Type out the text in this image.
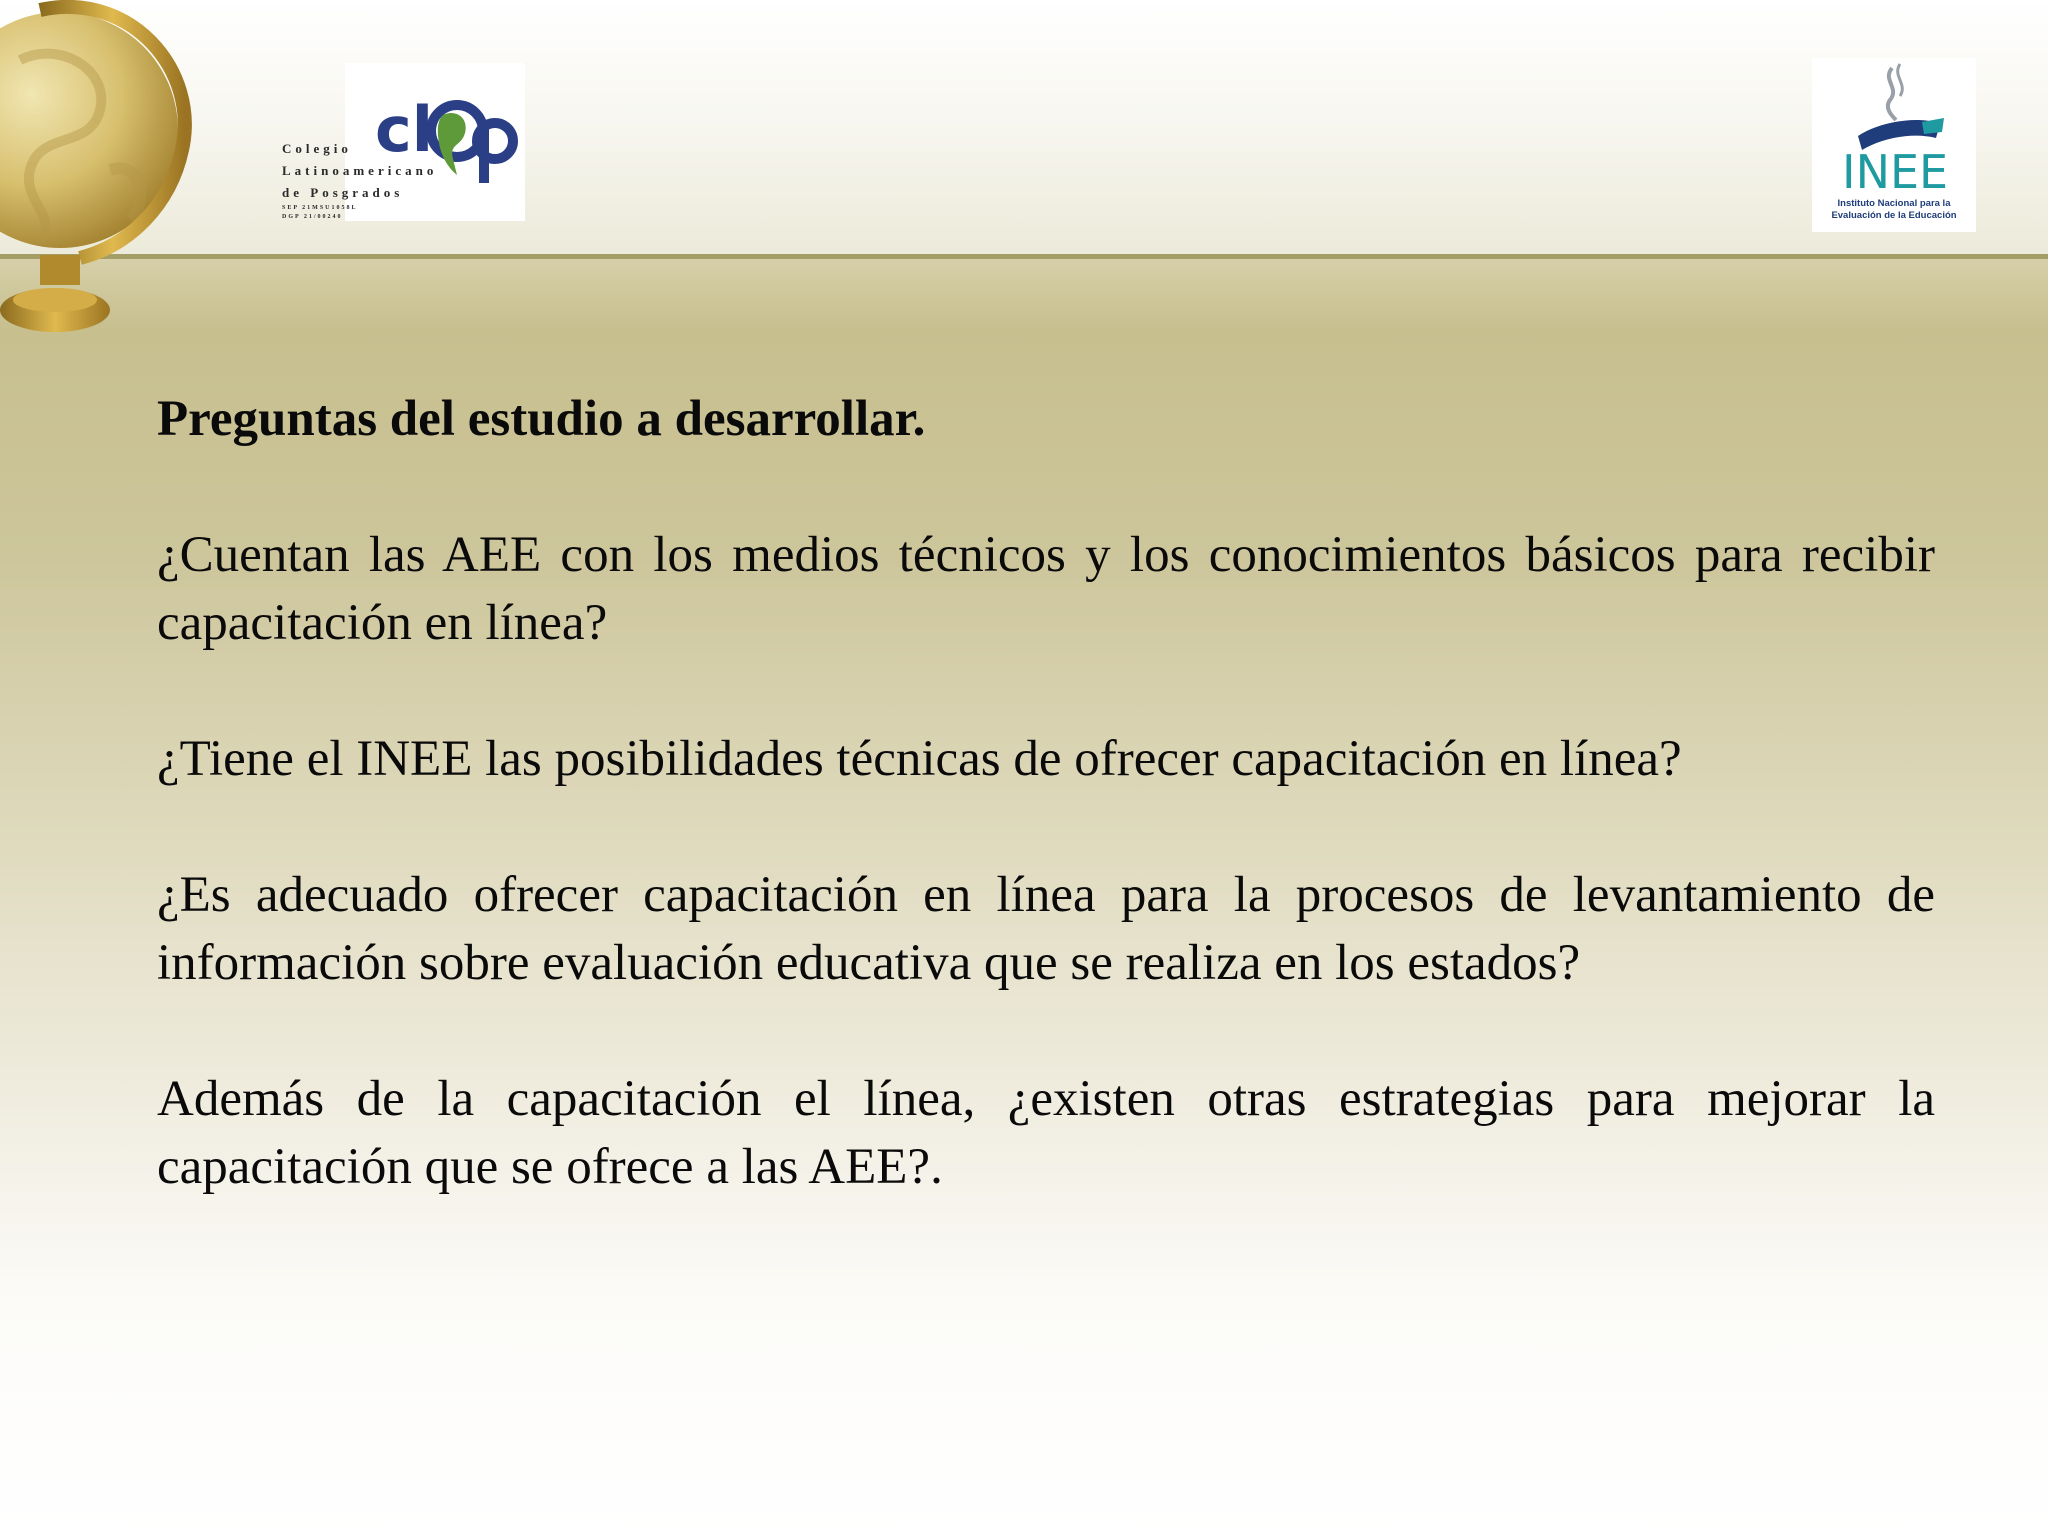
cl
Colegio
Latinoamericano
de Posgrados
SEP 21MSU1058L
DGP 21/00240
INEE
Instituto Nacional para la
Evaluación de la Educación
Preguntas del estudio a desarrollar.
¿Cuentan las AEE con los medios técnicos y los conocimientos básicos para recibir capacitación en línea?
¿Tiene el INEE las posibilidades técnicas de ofrecer capacitación en línea?
¿Es adecuado ofrecer capacitación en línea para la procesos de levantamiento de información sobre evaluación educativa que se realiza en los estados?
Además de la capacitación el línea, ¿existen otras estrategias para mejorar la capacitación que se ofrece a las AEE?.
